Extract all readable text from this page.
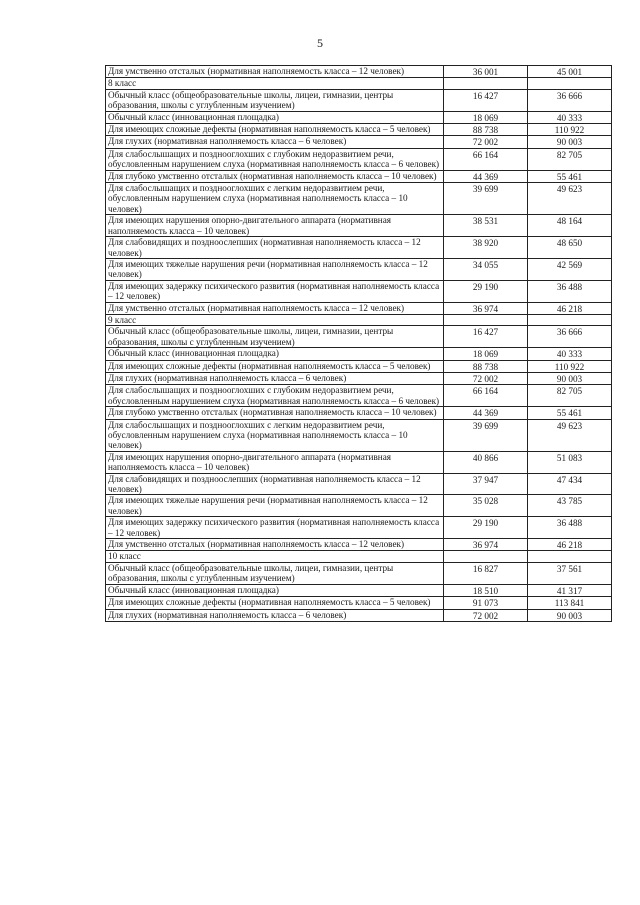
5
Для умственно отсталых (нормативная наполняемость класса – 12 человек)	36 001	45 001
8 класс		
Обычный класс (общеобразовательные школы, лицеи, гимназии, центры образования, школы с углубленным изучением)	16 427	36 666
Обычный класс (инновационная площадка)	18 069	40 333
Для имеющих сложные дефекты (нормативная наполняемость класса – 5 человек)	88 738	110 922
Для глухих (нормативная наполняемость класса – 6 человек)	72 002	90 003
Для слабослышащих и позднооглохших с глубоким недоразвитием речи, обусловленным нарушением слуха (нормативная наполняемость класса – 6 человек)	66 164	82 705
Для глубоко умственно отсталых (нормативная наполняемость класса – 10 человек)	44 369	55 461
Для слабослышащих и позднооглохших с легким недоразвитием речи, обусловленным нарушением слуха (нормативная наполняемость класса – 10 человек)	39 699	49 623
Для имеющих нарушения опорно-двигательного аппарата (нормативная наполняемость класса – 10 человек)	38 531	48 164
Для слабовидящих и поздноослепших (нормативная наполняемость класса – 12 человек)	38 920	48 650
Для имеющих тяжелые нарушения речи (нормативная наполняемость класса – 12 человек)	34 055	42 569
Для имеющих задержку психического развития (нормативная наполняемость класса – 12 человек)	29 190	36 488
Для умственно отсталых (нормативная наполняемость класса – 12 человек)	36 974	46 218
9 класс		
Обычный класс (общеобразовательные школы, лицеи, гимназии, центры образования, школы с углубленным изучением)	16 427	36 666
Обычный класс (инновационная площадка)	18 069	40 333
Для имеющих сложные дефекты (нормативная наполняемость класса – 5 человек)	88 738	110 922
Для глухих (нормативная наполняемость класса – 6 человек)	72 002	90 003
Для слабослышащих и позднооглохших с глубоким недоразвитием речи, обусловленным нарушением слуха (нормативная наполняемость класса – 6 человек)	66 164	82 705
Для глубоко умственно отсталых (нормативная наполняемость класса – 10 человек)	44 369	55 461
Для слабослышащих и позднооглохших с легким недоразвитием речи, обусловленным нарушением слуха (нормативная наполняемость класса – 10 человек)	39 699	49 623
Для имеющих нарушения опорно-двигательного аппарата (нормативная наполняемость класса – 10 человек)	40 866	51 083
Для слабовидящих и поздноослепших (нормативная наполняемость класса – 12 человек)	37 947	47 434
Для имеющих тяжелые нарушения речи (нормативная наполняемость класса – 12 человек)	35 028	43 785
Для имеющих задержку психического развития (нормативная наполняемость класса – 12 человек)	29 190	36 488
Для умственно отсталых (нормативная наполняемость класса – 12 человек)	36 974	46 218
10 класс		
Обычный класс (общеобразовательные школы, лицеи, гимназии, центры образования, школы с углубленным изучением)	16 827	37 561
Обычный класс (инновационная площадка)	18 510	41 317
Для имеющих сложные дефекты (нормативная наполняемость класса – 5 человек)	91 073	113 841
Для глухих (нормативная наполняемость класса – 6 человек)	72 002	90 003
